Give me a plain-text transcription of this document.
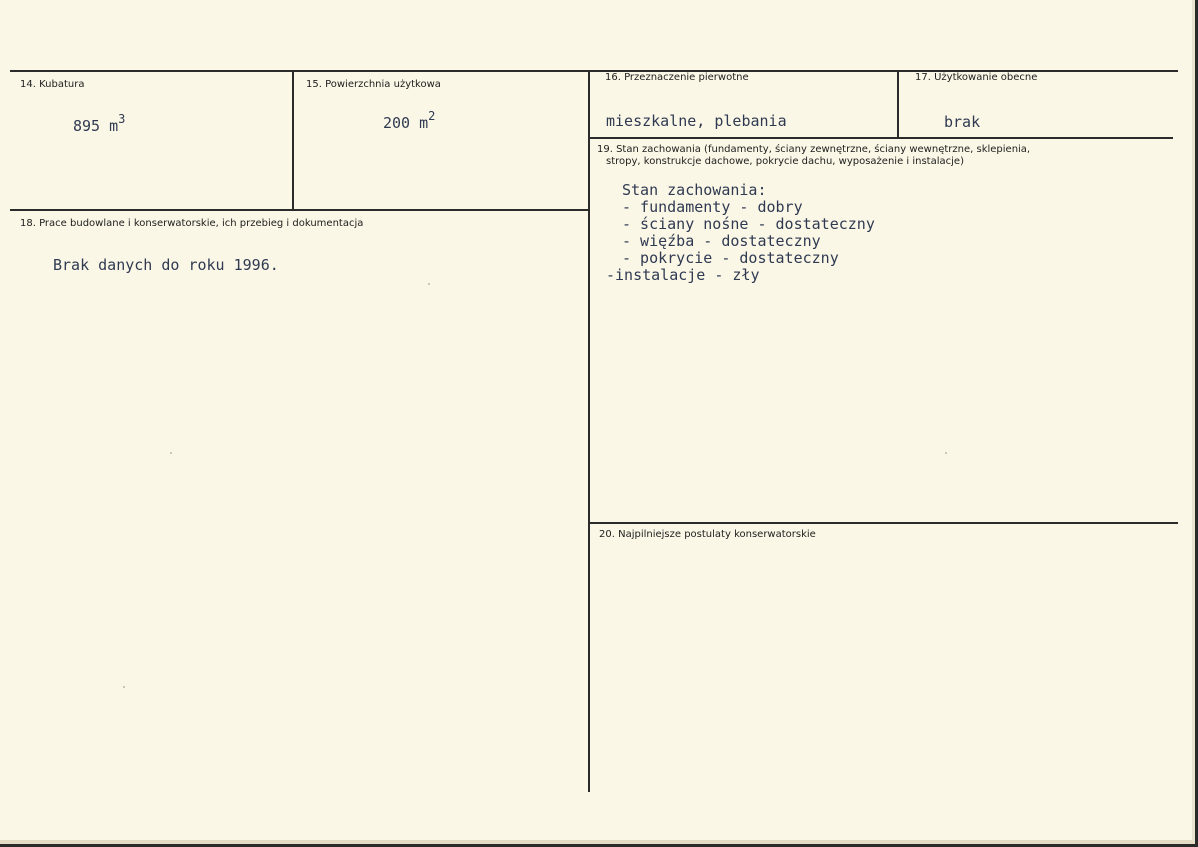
14. Kubatura
895 $m^3$
15. Powierzchnia użytkowa
200 $m^2$
16. Przeznaczenie pierwotne
mieszkalne, plebania
17. Użytkowanie obecne
brak
18. Prace budowlane i konserwatorskie, ich przebieg i dokumentacja
Brak danych do roku 1996.
19. Stan zachowania (fundamenty, ściany zewnętrzne, ściany wewnętrzne, sklepienia,
stropy, konstrukcje dachowe, pokrycie dachu, wyposażenie i instalacje)
Stan zachowania:
- fundamenty - dobry
- ściany nośne - dostateczny
- więźba - dostateczny
- pokrycie - dostateczny
-instalacje - zły
20. Najpilniejsze postulaty konserwatorskie
